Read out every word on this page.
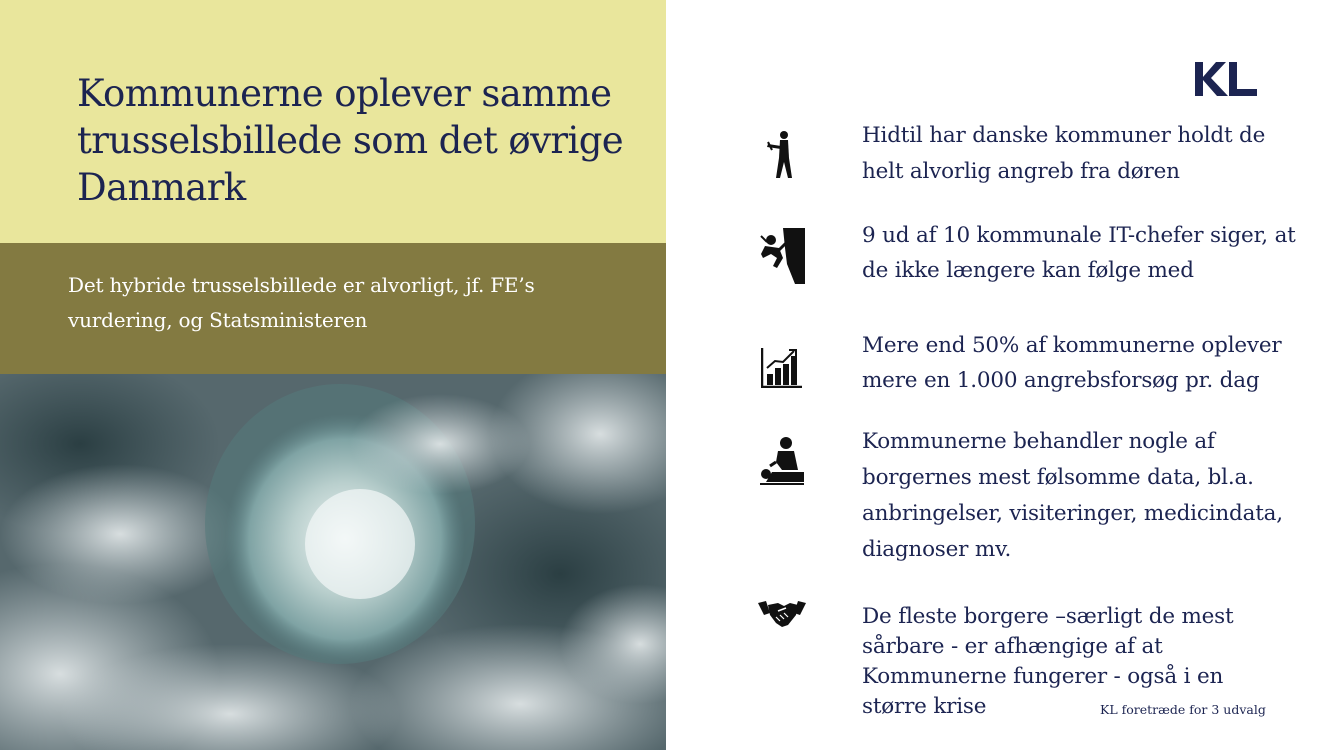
Kommunerne oplever samme trusselsbillede som det øvrige Danmark

Det hybride trusselsbillede er alvorligt, jf. FE’s vurdering, og Statsministeren

Hidtil har danske kommuner holdt de helt alvorlig angreb fra døren

9 ud af 10 kommunale IT-chefer siger, at de ikke længere kan følge med

Mere end 50% af kommunerne oplever mere en 1.000 angrebsforsøg pr. dag

Kommunerne behandler nogle af borgernes mest følsomme data, bl.a. anbringelser, visiteringer, medicindata, diagnoser mv.

De fleste borgere –særligt de mest sårbare - er afhængige af at Kommunerne fungerer - også i en større krise	KL foretræde for 3 udvalg
